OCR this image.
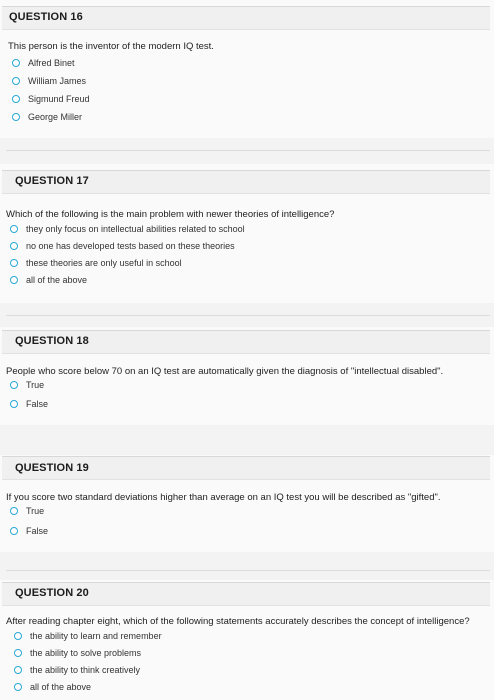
QUESTION 16
This person is the inventor of the modern IQ test.
Alfred Binet
William James
Sigmund Freud
George Miller
QUESTION 17
Which of the following is the main problem with newer theories of intelligence?
they only focus on intellectual abilities related to school
no one has developed tests based on these theories
these theories are only useful in school
all of the above
QUESTION 18
People who score below 70 on an IQ test are automatically given the diagnosis of "intellectual disabled".
True
False
QUESTION 19
If you score two standard deviations higher than average on an IQ test you will be described as "gifted".
True
False
QUESTION 20
After reading chapter eight, which of the following statements accurately describes the concept of intelligence?
the ability to learn and remember
the ability to solve problems
the ability to think creatively
all of the above
